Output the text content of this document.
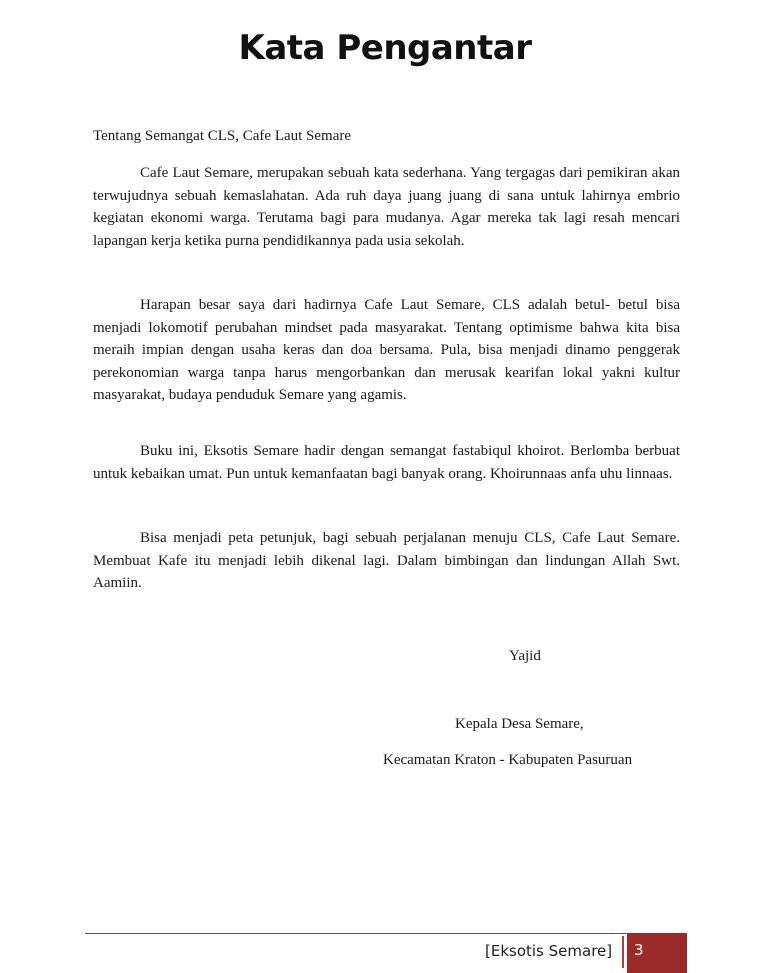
Kata Pengantar
Tentang Semangat CLS, Cafe Laut Semare

Cafe Laut Semare, merupakan sebuah kata sederhana. Yang tergagas dari pemikiran akan terwujudnya sebuah kemaslahatan. Ada ruh daya juang juang di sana untuk lahirnya embrio kegiatan ekonomi warga. Terutama bagi para mudanya. Agar mereka tak lagi resah mencari lapangan kerja ketika purna pendidikannya pada usia sekolah.

Harapan besar saya dari hadirnya Cafe Laut Semare, CLS adalah betul- betul bisa menjadi lokomotif perubahan mindset pada masyarakat. Tentang optimisme bahwa kita bisa meraih impian dengan usaha keras dan doa bersama. Pula, bisa menjadi dinamo penggerak perekonomian warga tanpa harus mengorbankan dan merusak kearifan lokal yakni kultur masyarakat, budaya penduduk Semare yang agamis.

Buku ini, Eksotis Semare hadir dengan semangat fastabiqul khoirot. Berlomba berbuat untuk kebaikan umat. Pun untuk kemanfaatan bagi banyak orang. Khoirunnaas anfa uhu linnaas.

Bisa menjadi peta petunjuk, bagi sebuah perjalanan menuju CLS, Cafe Laut Semare. Membuat Kafe itu menjadi lebih dikenal lagi. Dalam bimbingan dan lindungan Allah Swt. Aamiin.

Yajid
Kepala Desa Semare,
Kecamatan Kraton - Kabupaten Pasuruan
[Eksotis Semare]	3
